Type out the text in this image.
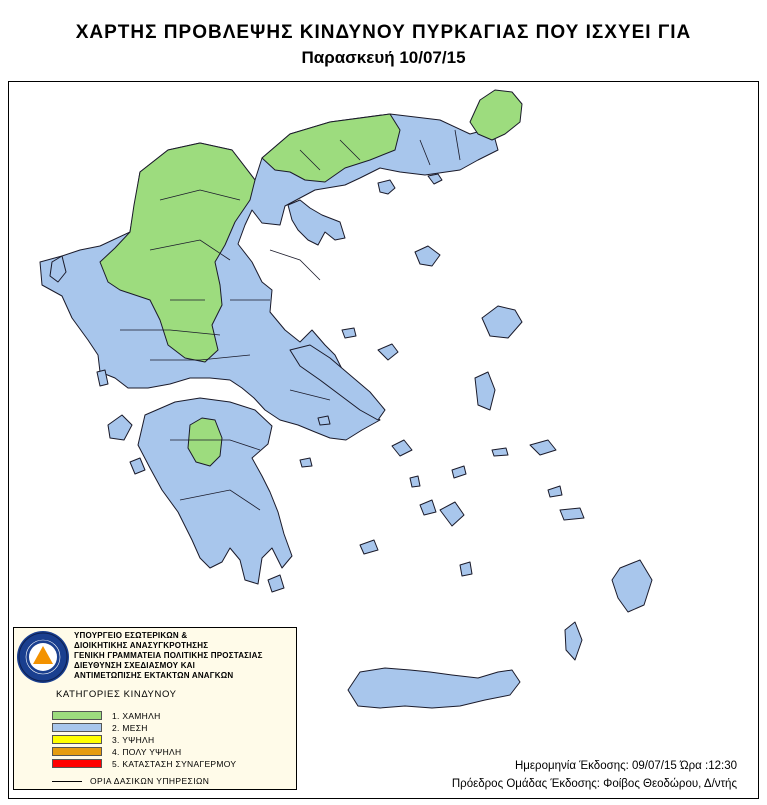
ΧΑΡΤΗΣ ΠΡΟΒΛΕΨΗΣ ΚΙΝΔΥΝΟΥ ΠΥΡΚΑΓΙΑΣ ΠΟΥ ΙΣΧΥΕΙ ΓΙΑ
Παρασκευή 10/07/15
ΥΠΟΥΡΓΕΙΟ ΕΣΩΤΕΡΙΚΩΝ &
ΔΙΟΙΚΗΤΙΚΗΣ ΑΝΑΣΥΓΚΡΟΤΗΣΗΣ
ΓΕΝΙΚΗ ΓΡΑΜΜΑΤΕΙΑ ΠΟΛΙΤΙΚΗΣ ΠΡΟΣΤΑΣΙΑΣ
ΔΙΕΥΘΥΝΣΗ ΣΧΕΔΙΑΣΜΟΥ ΚΑΙ
ΑΝΤΙΜΕΤΩΠΙΣΗΣ ΕΚΤΑΚΤΩΝ ΑΝΑΓΚΩΝ
ΚΑΤΗΓΟΡΙΕΣ ΚΙΝΔΥΝΟΥ
1. ΧΑΜΗΛΗ
2. ΜΕΣΗ
3. ΥΨΗΛΗ
4. ΠΟΛΥ ΥΨΗΛΗ
5. ΚΑΤΑΣΤΑΣΗ ΣΥΝΑΓΕΡΜΟΥ
ΟΡΙΑ ΔΑΣΙΚΩΝ ΥΠΗΡΕΣΙΩΝ
Ημερομηνία Έκδοσης: 09/07/15 Ώρα :12:30
Πρόεδρος Ομάδας Έκδοσης: Φοίβος Θεοδώρου, Δ/ντής
